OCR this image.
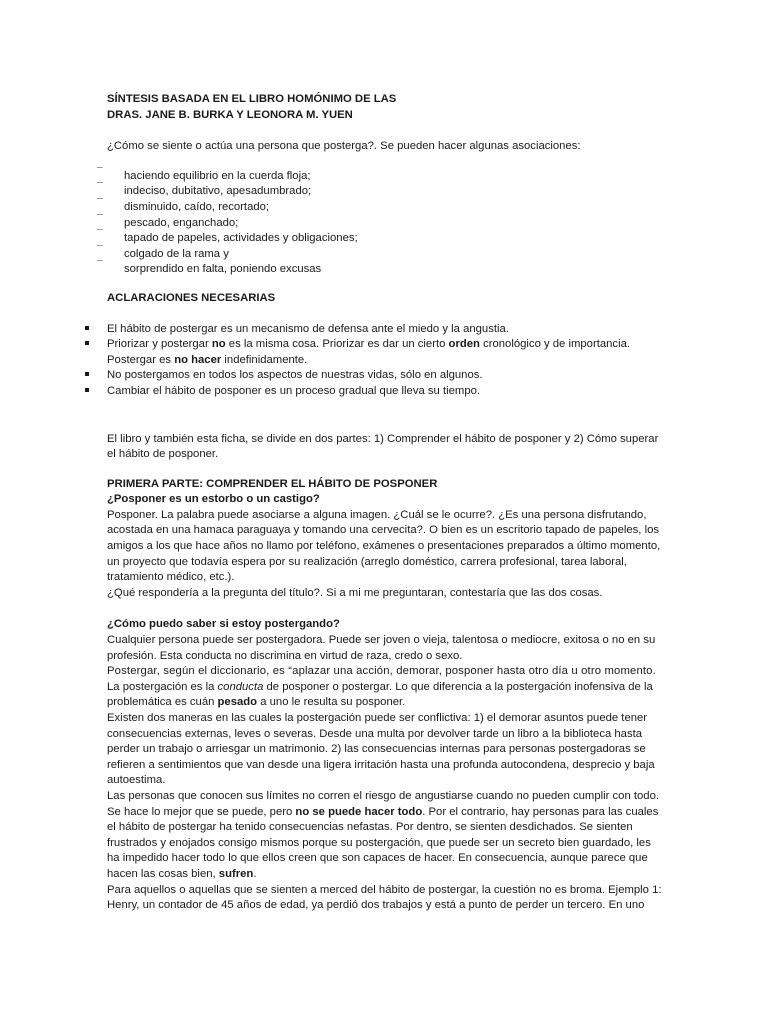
SÍNTESIS BASADA EN EL LIBRO HOMÓNIMO DE LAS
DRAS. JANE B. BURKA Y LEONORA M. YUEN

¿Cómo se siente o actúa una persona que posterga?. Se pueden hacer algunas asociaciones:

¯ haciendo equilibrio en la cuerda floja;
¯ indeciso, dubitativo, apesadumbrado;
¯ disminuido, caído, recortado;
¯ pescado, enganchado;
¯ tapado de papeles, actividades y obligaciones;
¯ colgado de la rama y
¯ sorprendido en falta, poniendo excusas

ACLARACIONES NECESARIAS

El hábito de postergar es un mecanismo de defensa ante el miedo y la angustia.
Priorizar y postergar no es la misma cosa. Priorizar es dar un cierto orden cronológico y de importancia.
Postergar es no hacer indefinidamente.
No postergamos en todos los aspectos de nuestras vidas, sólo en algunos.
Cambiar el hábito de posponer es un proceso gradual que lleva su tiempo.

El libro y también esta ficha, se divide en dos partes: 1) Comprender el hábito de posponer y 2) Cómo superar el hábito de posponer.

PRIMERA PARTE: COMPRENDER EL HÁBITO DE POSPONER

¿Posponer es un estorbo o un castigo?

Posponer. La palabra puede asociarse a alguna imagen. ¿Cuál se le ocurre?. ¿Es una persona disfrutando, acostada en una hamaca paraguaya y tomando una cervecita?. O bien es un escritorio tapado de papeles, los amigos a los que hace años no llamo por teléfono, exámenes o presentaciones preparados a último momento, un proyecto que todavía espera por su realización (arreglo doméstico, carrera profesional, tarea laboral, tratamiento médico, etc.).

¿Qué respondería a la pregunta del título?. Si a mi me preguntaran, contestaría que las dos cosas.

¿Cómo puedo saber si estoy postergando?

Cualquier persona puede ser postergadora. Puede ser joven o vieja, talentosa o mediocre, exitosa o no en su profesión. Esta conducta no discrimina en virtud de raza, credo o sexo.

Postergar, según el diccionario, es “aplazar una acción, demorar, posponer hasta otro día u otro momento. La postergación es la conducta de posponer o postergar. Lo que diferencia a la postergación inofensiva de la problemática es cuán pesado a uno le resulta su posponer.

Existen dos maneras en las cuales la postergación puede ser conflictiva: 1) el demorar asuntos puede tener consecuencias externas, leves o severas. Desde una multa por devolver tarde un libro a la biblioteca hasta perder un trabajo o arriesgar un matrimonio. 2) las consecuencias internas para personas postergadoras se refieren a sentimientos que van desde una ligera irritación hasta una profunda autocondena, desprecio y baja autoestima.

Las personas que conocen sus límites no corren el riesgo de angustiarse cuando no pueden cumplir con todo. Se hace lo mejor que se puede, pero no se puede hacer todo. Por el contrario, hay personas para las cuales el hábito de postergar ha tenido consecuencias nefastas. Por dentro, se sienten desdichados. Se sienten frustrados y enojados consigo mismos porque su postergación, que puede ser un secreto bien guardado, les ha impedido hacer todo lo que ellos creen que son capaces de hacer. En consecuencia, aunque parece que hacen las cosas bien, sufren.

Para aquellos o aquellas que se sienten a merced del hábito de postergar, la cuestión no es broma. Ejemplo 1: Henry, un contador de 45 años de edad, ya perdió dos trabajos y está a punto de perder un tercero. En uno
